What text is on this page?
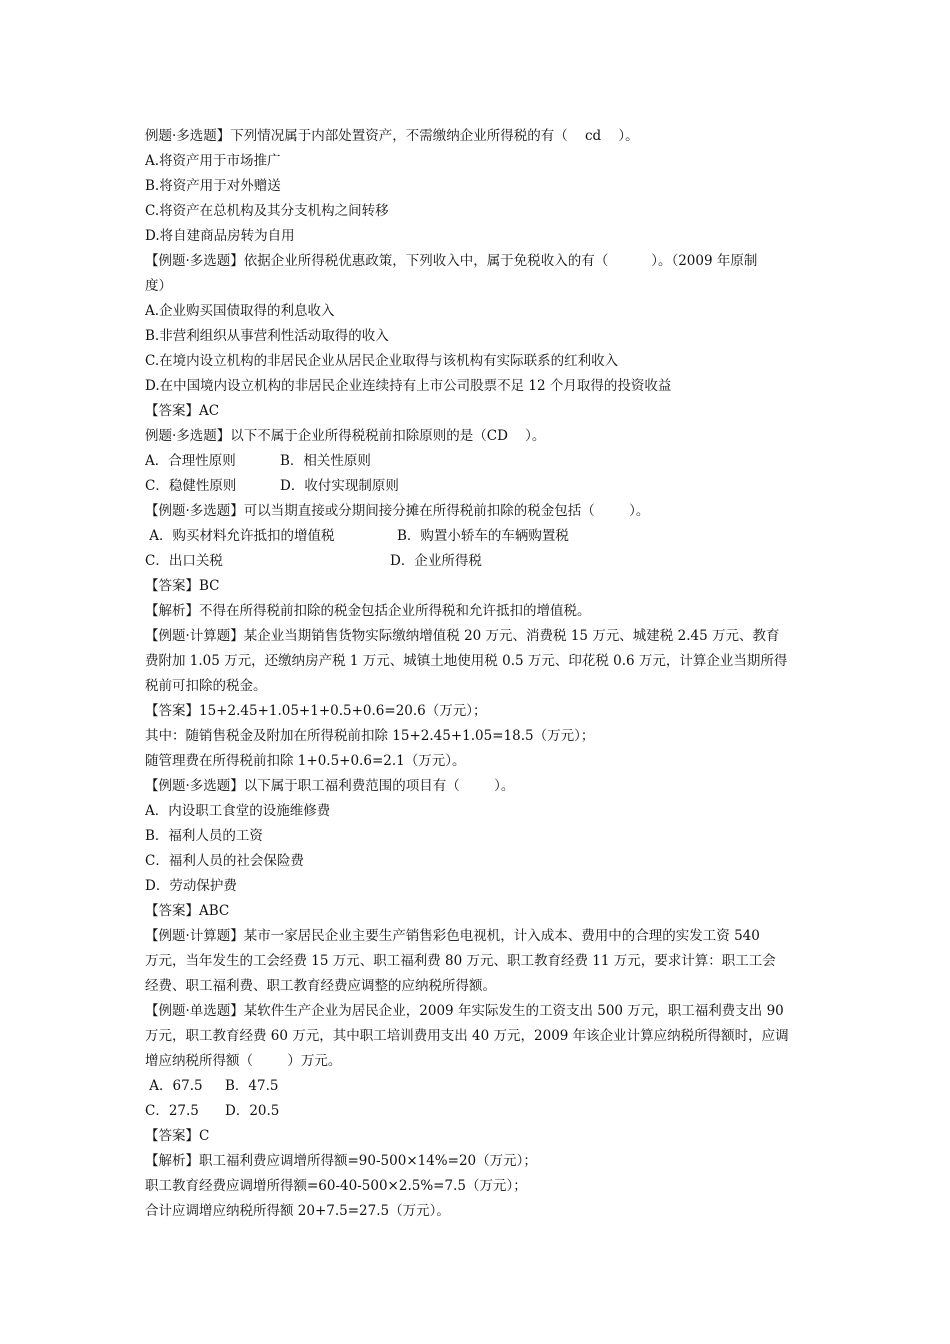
例题·多选题】下列情况属于内部处置资产，不需缴纳企业所得税的有（    cd    ）。
A.将资产用于市场推广
B.将资产用于对外赠送
C.将资产在总机构及其分支机构之间转移
D.将自建商品房转为自用
【例题·多选题】依据企业所得税优惠政策，下列收入中，属于免税收入的有（          ）。（2009 年原制
度）
A.企业购买国债取得的利息收入
B.非营利组织从事营利性活动取得的收入
C.在境内设立机构的非居民企业从居民企业取得与该机构有实际联系的红利收入
D.在中国境内设立机构的非居民企业连续持有上市公司股票不足 12 个月取得的投资收益
【答案】AC
例题·多选题】以下不属于企业所得税税前扣除原则的是（CD    ）。
A．合理性原则	B．相关性原则
C．稳健性原则	D．收付实现制原则
【例题·多选题】可以当期直接或分期间接分摊在所得税前扣除的税金包括（        ）。
A．购买材料允许抵扣的增值税	B．购置小轿车的车辆购置税
C．出口关税	D．企业所得税
【答案】BC
【解析】不得在所得税前扣除的税金包括企业所得税和允许抵扣的增值税。
【例题·计算题】某企业当期销售货物实际缴纳增值税 20 万元、消费税 15 万元、城建税 2.45 万元、教育
费附加 1.05 万元，还缴纳房产税 1 万元、城镇土地使用税 0.5 万元、印花税 0.6 万元，计算企业当期所得
税前可扣除的税金。
【答案】15+2.45+1.05+1+0.5+0.6=20.6（万元）；
其中：随销售税金及附加在所得税前扣除 15+2.45+1.05=18.5（万元）；
随管理费在所得税前扣除 1+0.5+0.6=2.1（万元）。
【例题·多选题】以下属于职工福利费范围的项目有（        ）。
A．内设职工食堂的设施维修费
B．福利人员的工资
C．福利人员的社会保险费
D．劳动保护费
【答案】ABC
【例题·计算题】某市一家居民企业主要生产销售彩色电视机，计入成本、费用中的合理的实发工资 540
万元，当年发生的工会经费 15 万元、职工福利费 80 万元、职工教育经费 11 万元，要求计算：职工工会
经费、职工福利费、职工教育经费应调整的应纳税所得额。
【例题·单选题】某软件生产企业为居民企业，2009 年实际发生的工资支出 500 万元，职工福利费支出 90
万元，职工教育经费 60 万元，其中职工培训费用支出 40 万元，2009 年该企业计算应纳税所得额时，应调
增应纳税所得额（        ）万元。
A．67.5	B．47.5
C．27.5	D．20.5
【答案】C
【解析】职工福利费应调增所得额=90-500×14%=20（万元）；
职工教育经费应调增所得额=60-40-500×2.5%=7.5（万元）；
合计应调增应纳税所得额 20+7.5=27.5（万元）。
